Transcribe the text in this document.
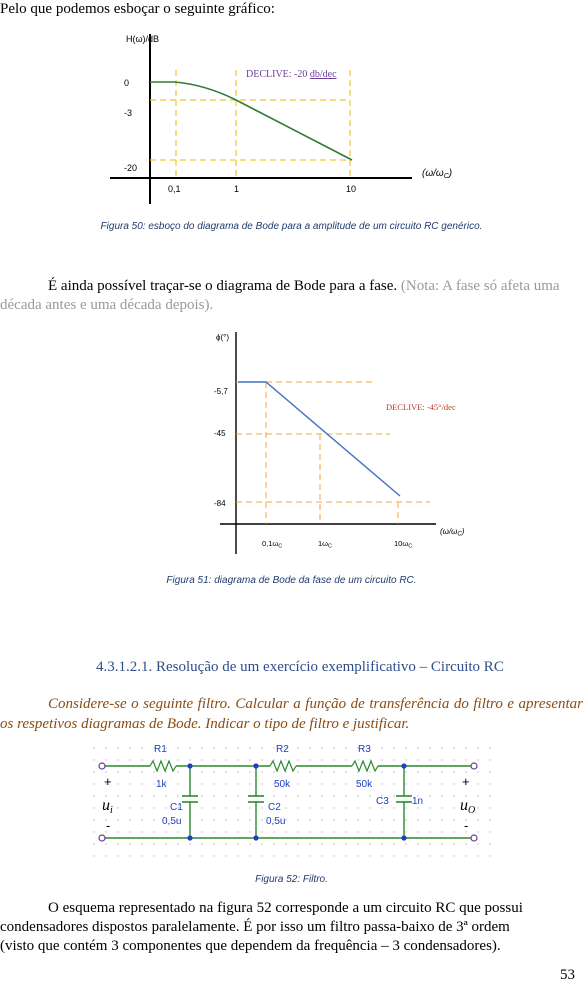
Pelo que podemos esboçar o seguinte gráfico:
H(ω)/dB
0
-3
-20
0,1	1	10
$(\omega/\omega_C)$
DECLIVE: -20 db/dec
Figura 50: esboço do diagrama de Bode para a amplitude de um circuito RC genérico.
É ainda possível traçar-se o diagrama de Bode para a fase. (Nota: A fase só afeta uma década antes e uma década depois).
ϕ(°)
-5,7
-45
-84
$0,1\omega_C$	$1\omega_C$	$10\omega_C$
(ω/ωC)
DECLIVE: -45°/dec
Figura 51: diagrama de Bode da fase de um circuito RC.
4.3.1.2.1. Resolução de um exercício exemplificativo – Circuito RC
Considere-se o seguinte filtro. Calcular a função de transferência do filtro e apresentar os respetivos diagramas de Bode. Indicar o tipo de filtro e justificar.
R1
1k
R2
50k
R3
50k
C1
0,5u
C2
0,5u
C3 1n
+
-
+
-
ui	uO
Figura 52: Filtro.
O esquema representado na figura 52 corresponde a um circuito RC que possui
condensadores dispostos paralelamente. É por isso um filtro passa-baixo de 3ª ordem
(visto que contém 3 componentes que dependem da frequência – 3 condensadores).
53
